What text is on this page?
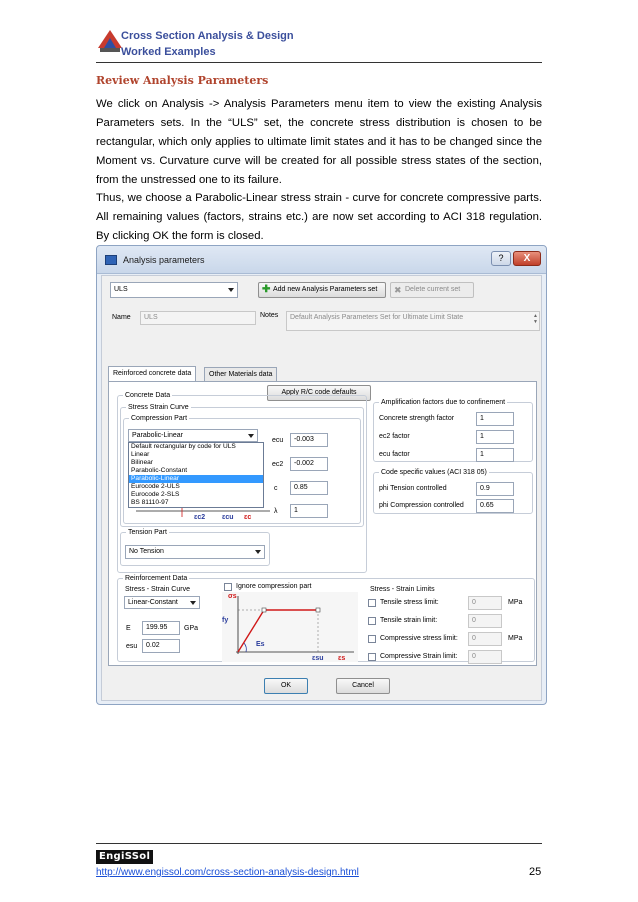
Cross Section Analysis & Design
Worked Examples
Review Analysis Parameters
We click on Analysis -> Analysis Parameters menu item to view the existing Analysis Parameters sets. In the “ULS” set, the concrete stress distribution is chosen to be rectangular, which only applies to ultimate limit states and it has to be changed since the Moment vs. Curvature curve will be created for all possible stress states of the section, from the unstressed one to its failure.
Thus, we choose a Parabolic-Linear stress strain - curve for concrete compressive parts. All remaining values (factors, strains etc.) are now set according to ACI 318 regulation. By clicking OK the form is closed.
Analysis parameters	?	X
ULS	✚ Add new Analysis Parameters set	✖ Delete current set
Name	ULS	Notes	Default Analysis Parameters Set for Ultimate Limit State	▲
▼
Reinforced concrete data	Other Materials data
Apply R/C code defaults
Concrete Data
Stress Strain Curve
Compression Part
εc2 εcu εc
Parabolic-Linear
Default rectangular by code for ULS
Linear
Bilinear
Parabolic-Constant
Parabolic-Linear
Eurocode 2-ULS
Eurocode 2-SLS
BS 81110-97
ecu	-0.003
ec2	-0.002
c	0.85
λ	1
Tension Part
No Tension
Amplification factors due to confinement
Concrete strength factor	1
ec2 factor	1
ecu factor	1
Code specific values (ACI 318 05)
phi Tension controlled	0.9
phi Compression controlled	0.65
Reinforcement Data
Stress - Strain Curve
Linear-Constant
Ignore compression part
E	199.95	GPa
esu	0.02
σs
fy
Es
εsu εs
Stress - Strain Limits
Tensile stress limit:	0	MPa
Tensile strain limit:	0
Compressive stress limit:	0	MPa
Compressive Strain limit:	0
OK	Cancel
EngiSSol
http://www.engissol.com/cross-section-analysis-design.html	25
